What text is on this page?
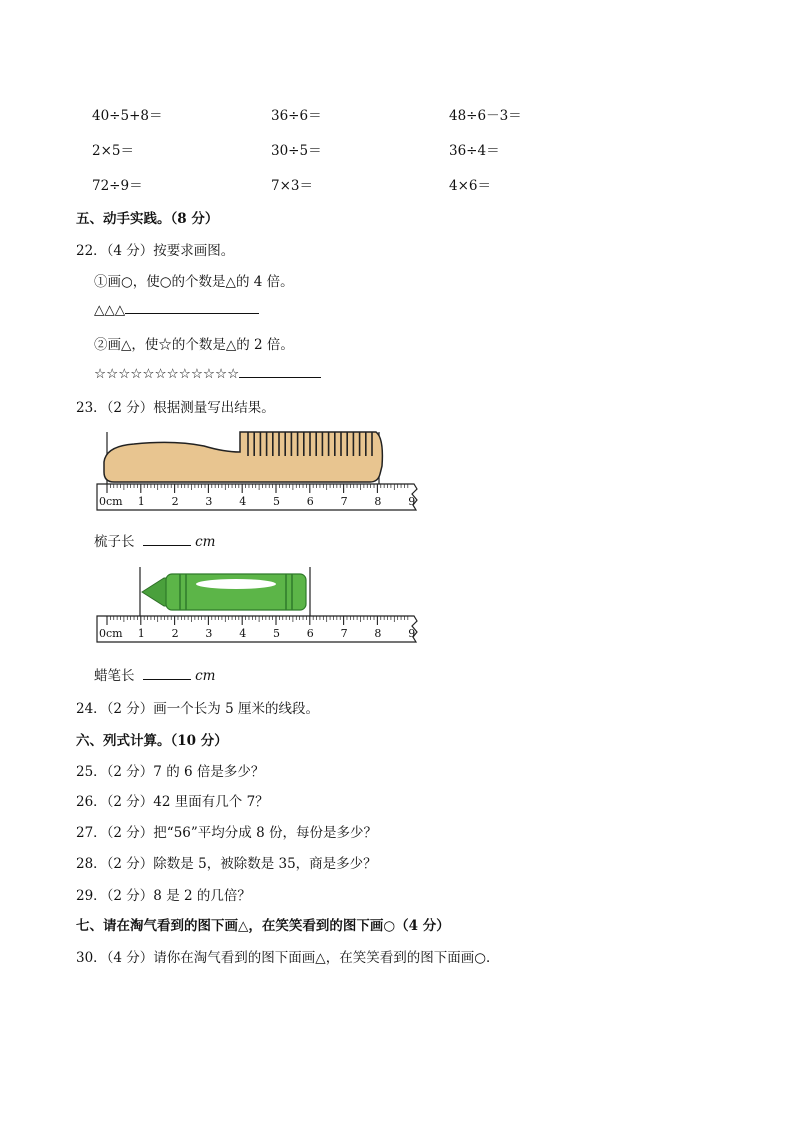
40÷5+8＝	36÷6＝	48÷6－3＝
2×5＝	30÷5＝	36÷4＝
72÷9＝	7×3＝	4×6＝
五、动手实践。（8 分）
22．（4 分）按要求画图。
①画○，使○的个数是△的 4 倍。
△△△
②画△，使☆的个数是△的 2 倍。
☆☆☆☆☆☆☆☆☆☆☆☆
23．（2 分）根据测量写出结果。
0cm 1 2 3 4 5 6 7 8 9
梳子长	cm
0cm 1 2 3 4 5 6 7 8 9
蜡笔长	cm
24．（2 分）画一个长为 5 厘米的线段。
六、列式计算。（10 分）
25．（2 分）7 的 6 倍是多少？
26．（2 分）42 里面有几个 7？
27．（2 分）把“56”平均分成 8 份，每份是多少？
28．（2 分）除数是 5，被除数是 35，商是多少？
29．（2 分）8 是 2 的几倍？
七、请在淘气看到的图下画△，在笑笑看到的图下画○（4 分）
30．（4 分）请你在淘气看到的图下面画△，在笑笑看到的图下面画○．
